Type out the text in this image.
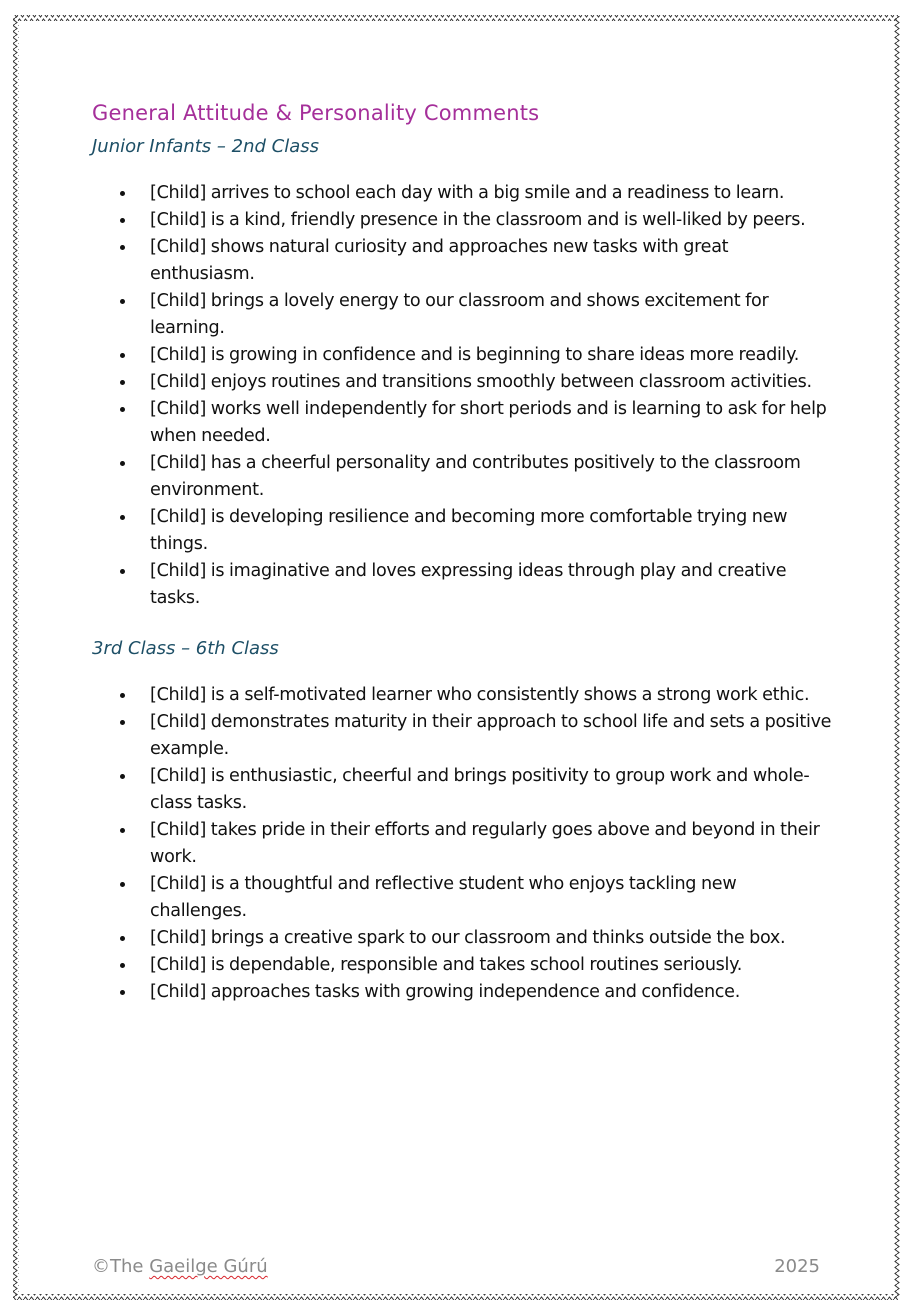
General Attitude & Personality Comments
Junior Infants – 2nd Class
[Child] arrives to school each day with a big smile and a readiness to learn.
[Child] is a kind, friendly presence in the classroom and is well-liked by peers.
[Child] shows natural curiosity and approaches new tasks with great enthusiasm.
[Child] brings a lovely energy to our classroom and shows excitement for learning.
[Child] is growing in confidence and is beginning to share ideas more readily.
[Child] enjoys routines and transitions smoothly between classroom activities.
[Child] works well independently for short periods and is learning to ask for help when needed.
[Child] has a cheerful personality and contributes positively to the classroom environment.
[Child] is developing resilience and becoming more comfortable trying new things.
[Child] is imaginative and loves expressing ideas through play and creative tasks.
3rd Class – 6th Class
[Child] is a self-motivated learner who consistently shows a strong work ethic.
[Child] demonstrates maturity in their approach to school life and sets a positive example.
[Child] is enthusiastic, cheerful and brings positivity to group work and whole-class tasks.
[Child] takes pride in their efforts and regularly goes above and beyond in their work.
[Child] is a thoughtful and reflective student who enjoys tackling new challenges.
[Child] brings a creative spark to our classroom and thinks outside the box.
[Child] is dependable, responsible and takes school routines seriously.
[Child] approaches tasks with growing independence and confidence.
©The Gaeilge Gúrú	2025
